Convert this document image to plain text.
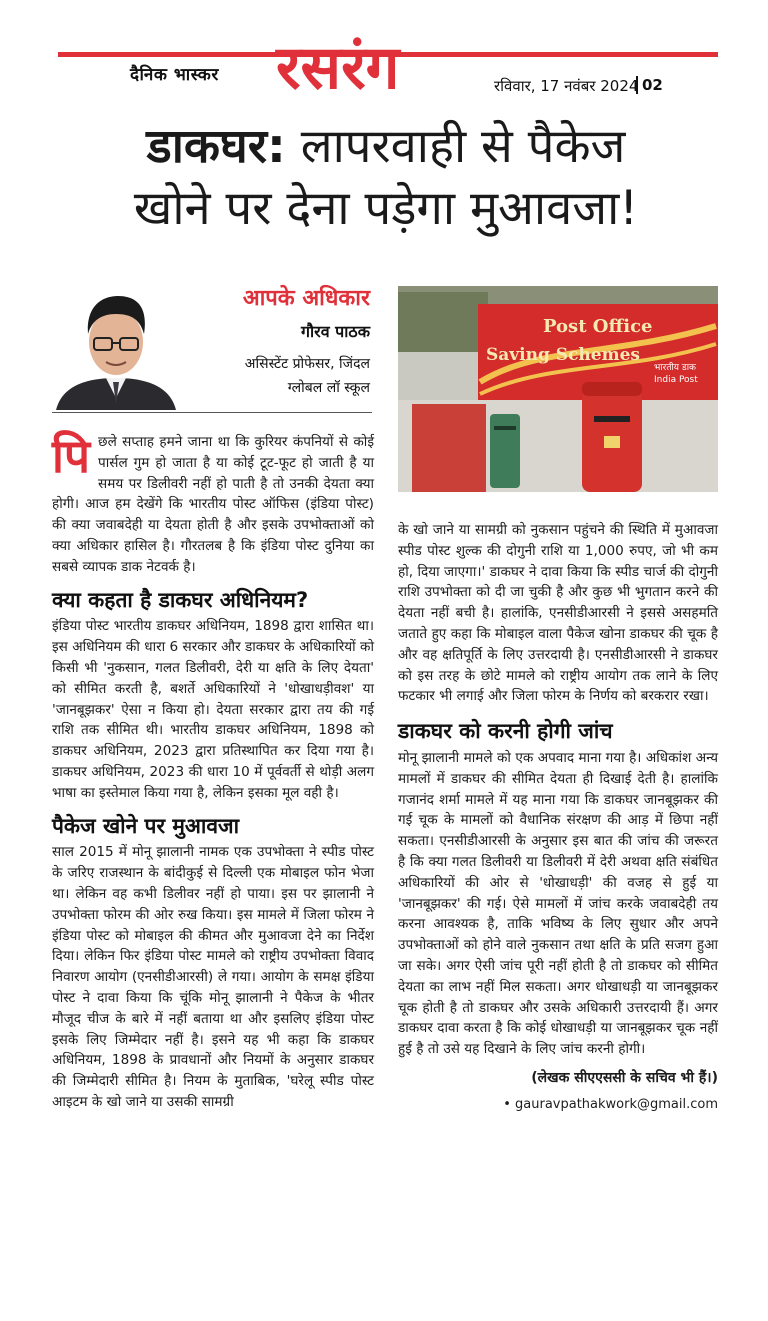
दैनिक भास्कर रसरंग	रविवार, 17 नवंबर 2024 02
डाकघर: लापरवाही से पैकेज
खोने पर देना पड़ेगा मुआवजा!
आपके अधिकार
गौरव पाठक
असिस्टेंट प्रोफेसर, जिंदल
ग्लोबल लॉ स्कूल
Post Office
Saving Schemes
भारतीय डाक
India Post

पि छले सप्ताह हमने जाना था कि कुरियर कंपनियों से कोई पार्सल गुम हो जाता है या कोई टूट-फूट हो जाती है या समय पर डिलीवरी नहीं हो पाती है तो उनकी देयता क्या होगी। आज हम देखेंगे कि भारतीय पोस्ट ऑफिस (इंडिया पोस्ट) की क्या जवाबदेही या देयता होती है और इसके उपभोक्ताओं को क्या अधिकार हासिल है। गौरतलब है कि इंडिया पोस्ट दुनिया का सबसे व्यापक डाक नेटवर्क है।

क्या कहता है डाकघर अधिनियम?

इंडिया पोस्ट भारतीय डाकघर अधिनियम, 1898 द्वारा शासित था। इस अधिनियम की धारा 6 सरकार और डाकघर के अधिकारियों को किसी भी 'नुकसान, गलत डिलीवरी, देरी या क्षति के लिए देयता' को सीमित करती है, बशर्ते अधिकारियों ने 'धोखाधड़ीवश' या 'जानबूझकर' ऐसा न किया हो। देयता सरकार द्वारा तय की गई राशि तक सीमित थी। भारतीय डाकघर अधिनियम, 1898 को डाकघर अधिनियम, 2023 द्वारा प्रतिस्थापित कर दिया गया है। डाकघर अधिनियम, 2023 की धारा 10 में पूर्ववर्ती से थोड़ी अलग भाषा का इस्तेमाल किया गया है, लेकिन इसका मूल वही है।

पैकेज खोने पर मुआवजा

साल 2015 में मोनू झालानी नामक एक उपभोक्ता ने स्पीड पोस्ट के जरिए राजस्थान के बांदीकुई से दिल्ली एक मोबाइल फोन भेजा था। लेकिन वह कभी डिलीवर नहीं हो पाया। इस पर झालानी ने उपभोक्ता फोरम की ओर रुख किया। इस मामले में जिला फोरम ने इंडिया पोस्ट को मोबाइल की कीमत और मुआवजा देने का निर्देश दिया। लेकिन फिर इंडिया पोस्ट मामले को राष्ट्रीय उपभोक्ता विवाद निवारण आयोग (एनसीडीआरसी) ले गया। आयोग के समक्ष इंडिया पोस्ट ने दावा किया कि चूंकि मोनू झालानी ने पैकेज के भीतर मौजूद चीज के बारे में नहीं बताया था और इसलिए इंडिया पोस्ट इसके लिए जिम्मेदार नहीं है। इसने यह भी कहा कि डाकघर अधिनियम, 1898 के प्रावधानों और नियमों के अनुसार डाकघर की जिम्मेदारी सीमित है। नियम के मुताबिक, 'घरेलू स्पीड पोस्ट आइटम के खो जाने या उसकी सामग्री

के खो जाने या सामग्री को नुकसान पहुंचने की स्थिति में मुआवजा स्पीड पोस्ट शुल्क की दोगुनी राशि या 1,000 रुपए, जो भी कम हो, दिया जाएगा।' डाकघर ने दावा किया कि स्पीड चार्ज की दोगुनी राशि उपभोक्ता को दी जा चुकी है और कुछ भी भुगतान करने की देयता नहीं बची है। हालांकि, एनसीडीआरसी ने इससे असहमति जताते हुए कहा कि मोबाइल वाला पैकेज खोना डाकघर की चूक है और वह क्षतिपूर्ति के लिए उत्तरदायी है। एनसीडीआरसी ने डाकघर को इस तरह के छोटे मामले को राष्ट्रीय आयोग तक लाने के लिए फटकार भी लगाई और जिला फोरम के निर्णय को बरकरार रखा।

डाकघर को करनी होगी जांच

मोनू झालानी मामले को एक अपवाद माना गया है। अधिकांश अन्य मामलों में डाकघर की सीमित देयता ही दिखाई देती है। हालांकि गजानंद शर्मा मामले में यह माना गया कि डाकघर जानबूझकर की गई चूक के मामलों को वैधानिक संरक्षण की आड़ में छिपा नहीं सकता। एनसीडीआरसी के अनुसार इस बात की जांच की जरूरत है कि क्या गलत डिलीवरी या डिलीवरी में देरी अथवा क्षति संबंधित अधिकारियों की ओर से 'धोखाधड़ी' की वजह से हुई या 'जानबूझकर' की गई। ऐसे मामलों में जांच करके जवाबदेही तय करना आवश्यक है, ताकि भविष्य के लिए सुधार और अपने उपभोक्ताओं को होने वाले नुकसान तथा क्षति के प्रति सजग हुआ जा सके। अगर ऐसी जांच पूरी नहीं होती है तो डाकघर को सीमित देयता का लाभ नहीं मिल सकता। अगर धोखाधड़ी या जानबूझकर चूक होती है तो डाकघर और उसके अधिकारी उत्तरदायी हैं। अगर डाकघर दावा करता है कि कोई धोखाधड़ी या जानबूझकर चूक नहीं हुई है तो उसे यह दिखाने के लिए जांच करनी होगी।

(लेखक सीएएससी के सचिव भी हैं।)
• gauravpathakwork@gmail.com
